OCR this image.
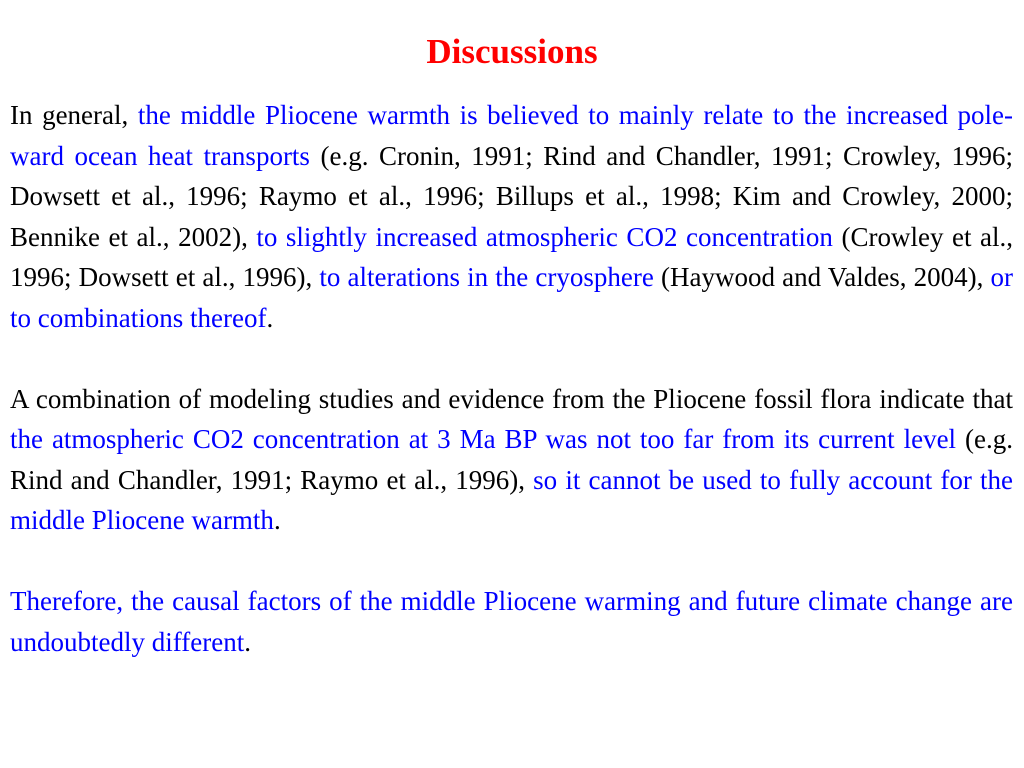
Discussions

In general, the middle Pliocene warmth is believed to mainly relate to the increased pole-ward ocean heat transports (e.g. Cronin, 1991; Rind and Chandler, 1991; Crowley, 1996; Dowsett et al., 1996; Raymo et al., 1996; Billups et al., 1998; Kim and Crowley, 2000; Bennike et al., 2002), to slightly increased atmospheric CO2 concentration (Crowley et al., 1996; Dowsett et al., 1996), to alterations in the cryosphere (Haywood and Valdes, 2004), or to combinations thereof.

A combination of modeling studies and evidence from the Pliocene fossil flora indicate that the atmospheric CO2 concentration at 3 Ma BP was not too far from its current level (e.g. Rind and Chandler, 1991; Raymo et al., 1996), so it cannot be used to fully account for the middle Pliocene warmth.

Therefore, the causal factors of the middle Pliocene warming and future climate change are undoubtedly different.
